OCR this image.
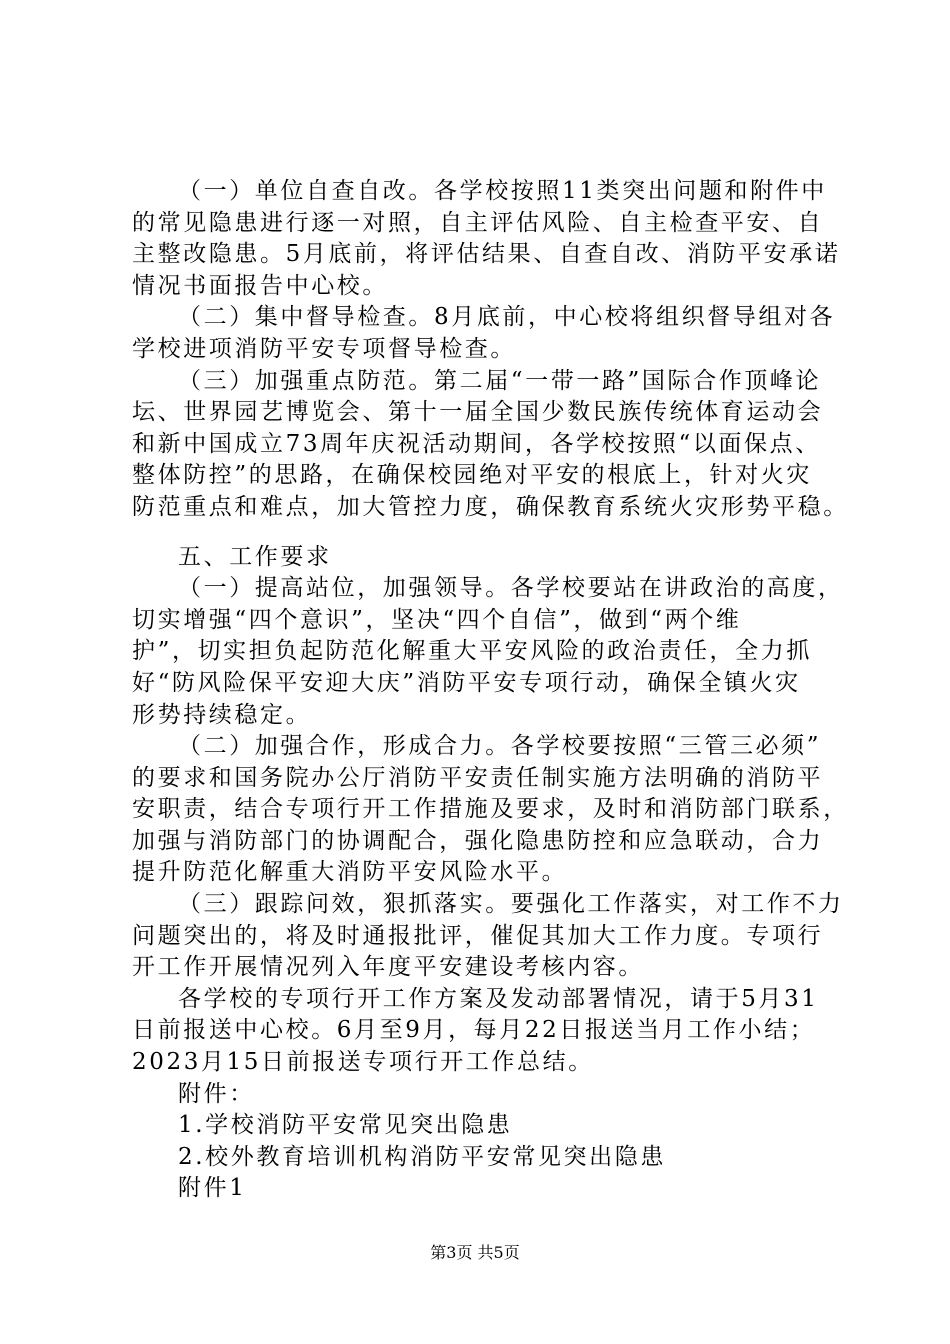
（一）单位自查自改。各学校按照11类突出问题和附件中
的常见隐患进行逐一对照，自主评估风险、自主检查平安、自
主整改隐患。5月底前，将评估结果、自查自改、消防平安承诺
情况书面报告中心校。
（二）集中督导检查。8月底前，中心校将组织督导组对各
学校进项消防平安专项督导检查。
（三）加强重点防范。第二届“一带一路”国际合作顶峰论
坛、世界园艺博览会、第十一届全国少数民族传统体育运动会
和新中国成立73周年庆祝活动期间，各学校按照“以面保点、
整体防控”的思路，在确保校园绝对平安的根底上，针对火灾
防范重点和难点，加大管控力度，确保教育系统火灾形势平稳。
五、工作要求
（一）提高站位，加强领导。各学校要站在讲政治的高度，
切实增强“四个意识”，坚决“四个自信”，做到“两个维
护”，切实担负起防范化解重大平安风险的政治责任，全力抓
好“防风险保平安迎大庆”消防平安专项行动，确保全镇火灾
形势持续稳定。
（二）加强合作，形成合力。各学校要按照“三管三必须”
的要求和国务院办公厅消防平安责任制实施方法明确的消防平
安职责，结合专项行开工作措施及要求，及时和消防部门联系，
加强与消防部门的协调配合，强化隐患防控和应急联动，合力
提升防范化解重大消防平安风险水平。
（三）跟踪问效，狠抓落实。要强化工作落实，对工作不力
问题突出的，将及时通报批评，催促其加大工作力度。专项行
开工作开展情况列入年度平安建设考核内容。
各学校的专项行开工作方案及发动部署情况，请于5月31
日前报送中心校。6月至9月，每月22日报送当月工作小结；
2023月15日前报送专项行开工作总结。
附件：
1.学校消防平安常见突出隐患
2.校外教育培训机构消防平安常见突出隐患
附件1
第3页 共5页
